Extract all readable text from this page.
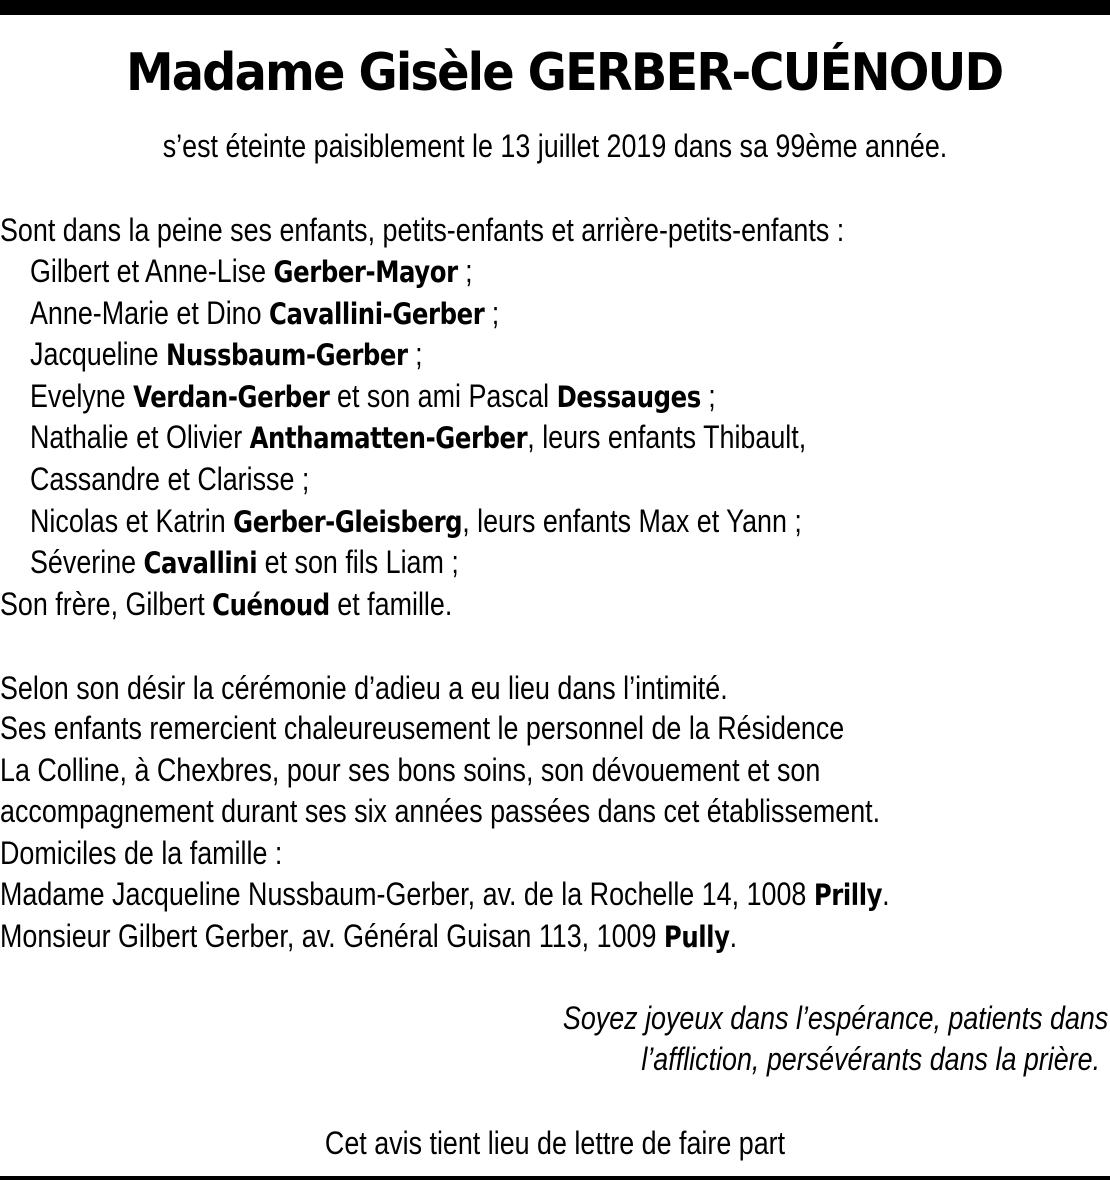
Madame Gisèle GERBER-CUÉNOUD
s’est éteinte paisiblement le 13 juillet 2019 dans sa 99ème année.
Sont dans la peine ses enfants, petits-enfants et arrière-petits-enfants :
Gilbert et Anne-Lise Gerber-Mayor ;
Anne-Marie et Dino Cavallini-Gerber ;
Jacqueline Nussbaum-Gerber ;
Evelyne Verdan-Gerber et son ami Pascal Dessauges ;
Nathalie et Olivier Anthamatten-Gerber, leurs enfants Thibault,
Cassandre et Clarisse ;
Nicolas et Katrin Gerber-Gleisberg, leurs enfants Max et Yann ;
Séverine Cavallini et son fils Liam ;
Son frère, Gilbert Cuénoud et famille.
Selon son désir la cérémonie d’adieu a eu lieu dans l’intimité.
Ses enfants remercient chaleureusement le personnel de la Résidence
La Colline, à Chexbres, pour ses bons soins, son dévouement et son
accompagnement durant ses six années passées dans cet établissement.
Domiciles de la famille :
Madame Jacqueline Nussbaum-Gerber, av. de la Rochelle 14, 1008 Prilly.
Monsieur Gilbert Gerber, av. Général Guisan 113, 1009 Pully.
Soyez joyeux dans l’espérance, patients dans
l’affliction, persévérants dans la prière.
Cet avis tient lieu de lettre de faire part
